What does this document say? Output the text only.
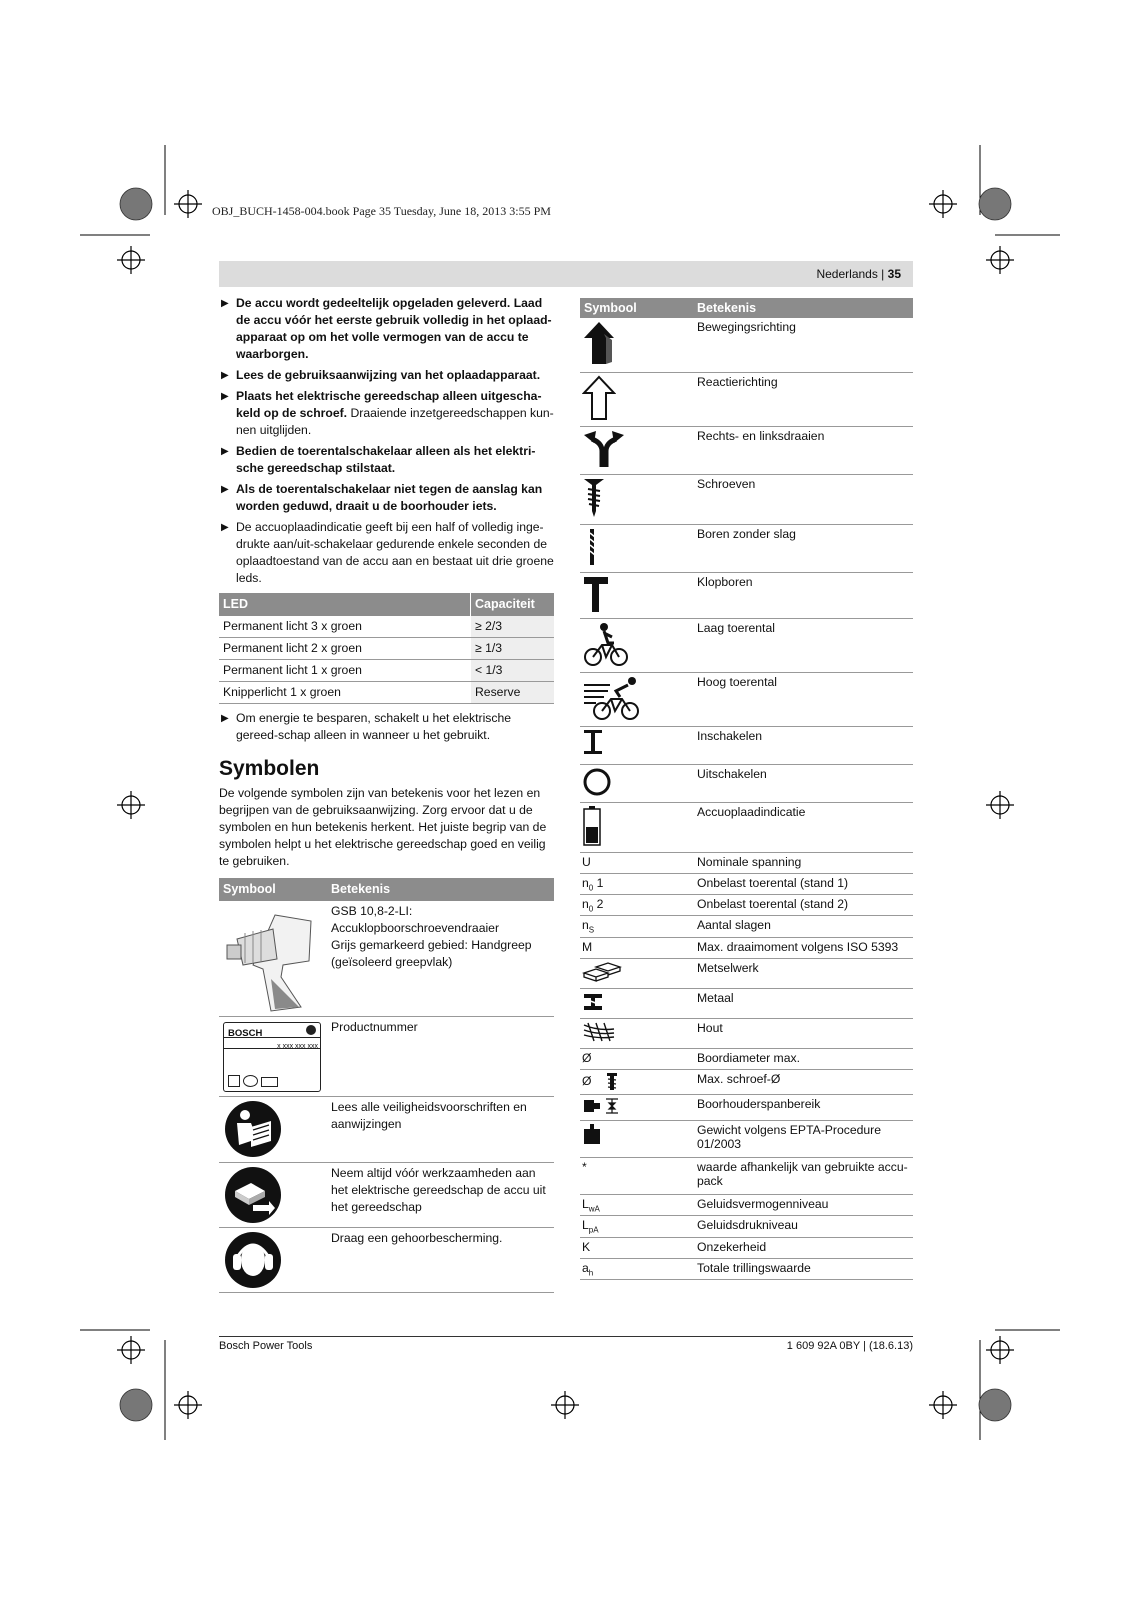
OBJ_BUCH-1458-004.book Page 35 Tuesday, June 18, 2013 3:55 PM
Nederlands | 35
▶ De accu wordt gedeeltelijk opgeladen geleverd. Laad de accu vóór het eerste gebruik volledig in het oplaad-apparaat op om het volle vermogen van de accu te waarborgen.
▶ Lees de gebruiksaanwijzing van het oplaadapparaat.
▶ Plaats het elektrische gereedschap alleen uitgescha-keld op de schroef. Draaiende inzetgereedschappen kun-nen uitglijden.
▶ Bedien de toerentalschakelaar alleen als het elektri-sche gereedschap stilstaat.
▶ Als de toerentalschakelaar niet tegen de aanslag kan worden geduwd, draait u de boorhouder iets.
▶ De accuoplaadindicatie geeft bij een half of volledig inge-drukte aan/uit-schakelaar gedurende enkele seconden de oplaadtoestand van de accu aan en bestaat uit drie groene leds.
LED	Capaciteit
Permanent licht 3 x groen	≥ 2/3
Permanent licht 2 x groen	≥ 1/3
Permanent licht 1 x groen	< 1/3
Knipperlicht 1 x groen	Reserve
▶ Om energie te besparen, schakelt u het elektrische gereed-schap alleen in wanneer u het gebruikt.
Symbolen

De volgende symbolen zijn van betekenis voor het lezen en begrijpen van de gebruiksaanwijzing. Zorg ervoor dat u de symbolen en hun betekenis herkent. Het juiste begrip van de symbolen helpt u het elektrische gereedschap goed en veilig te gebruiken.

Symbool	Betekenis

GSB 10,8-2-LI:
Accuklopboorschroevendraaier
Grijs gemarkeerd gebied: Handgreep (geïsoleerd greepvlak)

BOSCH
x xxx xxx xxx	Productnummer

Lees alle veiligheidsvoorschriften en aanwijzingen

	Neem altijd vóór werkzaamheden aan het elektrische gereedschap de accu uit het gereedschap

	Draag een gehoorbescherming.
Symbool	Betekenis

	Bewegingsrichting

	Reactierichting

	Rechts- en linksdraaien

	Schroeven

	Boren zonder slag

	Klopboren

	Laag toerental

	Hoog toerental

	Inschakelen

	Uitschakelen

	Accuoplaadindicatie
U	Nominale spanning
$n_0$ 1	Onbelast toerental (stand 1)
$n_0$ 2	Onbelast toerental (stand 2)
$n_S$	Aantal slagen
M	Max. draaimoment volgens ISO 5393

	Metselwerk

	Metaal

	Hout
Ø	Boordiameter max.
Ø	Max. schroef-Ø

	Boorhouderspanbereik

	Gewicht volgens EPTA-Procedure 01/2003
*	waarde afhankelijk van gebruikte accu-pack
$L_{wA}$	Geluidsvermogenniveau
$L_{pA}$	Geluidsdrukniveau
K	Onzekerheid
$a_h$	Totale trillingswaarde
Bosch Power Tools	1 609 92A 0BY | (18.6.13)
